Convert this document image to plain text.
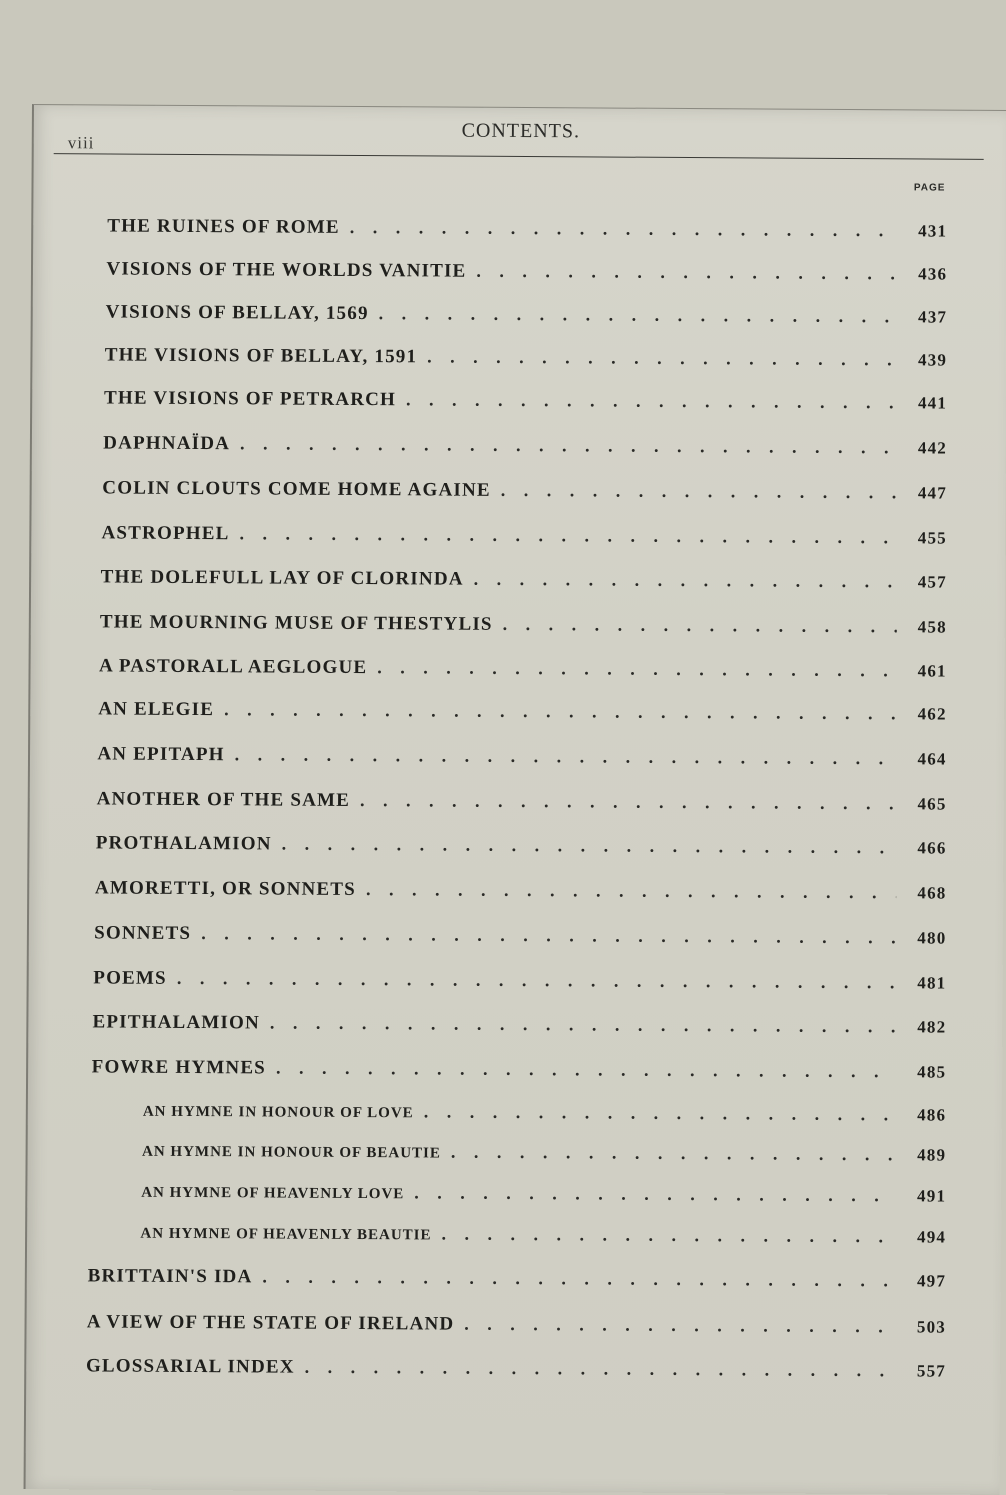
CONTENTS.
viii
PAGE
THE RUINES OF ROME . . .	431
VISIONS OF THE WORLDS VANITIE . . .	436
VISIONS OF BELLAY, 1569 . . .	437
THE VISIONS OF BELLAY, 1591 . . .	439
THE VISIONS OF PETRARCH . . .	441
DAPHNAÏDA . . .	442
COLIN CLOUTS COME HOME AGAINE . . .	447
ASTROPHEL . . .	455
THE DOLEFULL LAY OF CLORINDA . . .	457
THE MOURNING MUSE OF THESTYLIS . . .	458
A PASTORALL AEGLOGUE . . .	461
AN ELEGIE . . .	462
AN EPITAPH . . .	464
ANOTHER OF THE SAME . . .	465
PROTHALAMION . . .	466
AMORETTI, OR SONNETS . . .	468
SONNETS . . .	480
POEMS . . .	481
EPITHALAMION . . .	482
FOWRE HYMNES . . .	485
AN HYMNE IN HONOUR OF LOVE . . .	486
AN HYMNE IN HONOUR OF BEAUTIE . . .	489
AN HYMNE OF HEAVENLY LOVE . . .	491
AN HYMNE OF HEAVENLY BEAUTIE . . .	494
BRITTAIN'S IDA . . .	497
A VIEW OF THE STATE OF IRELAND . . .	503
GLOSSARIAL INDEX . . .	557
